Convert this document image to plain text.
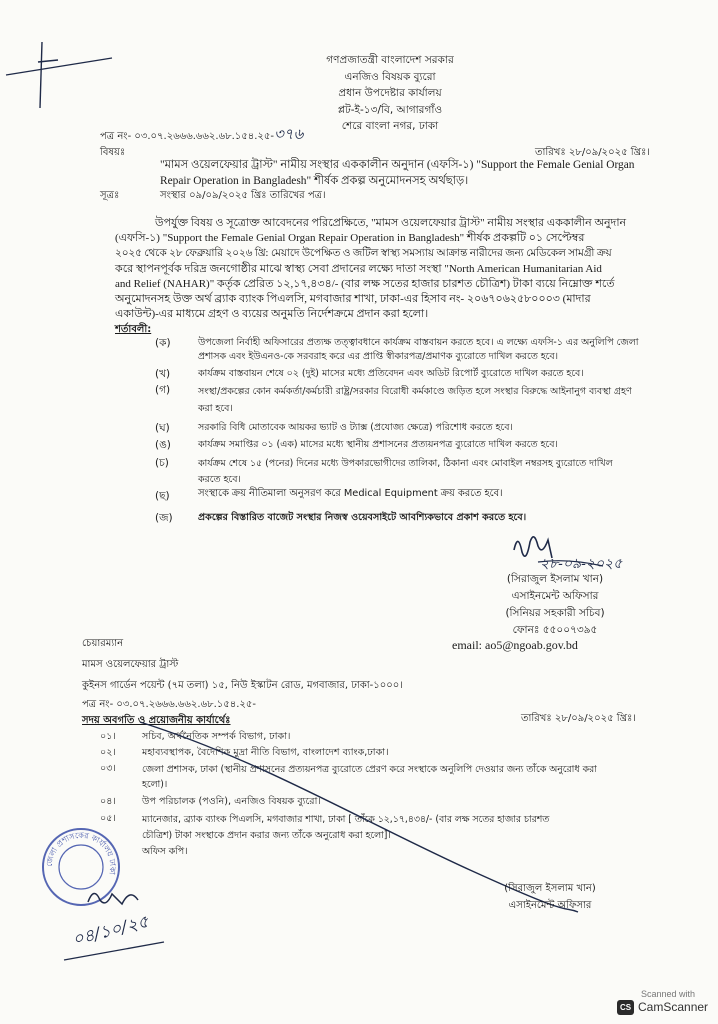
গণপ্রজাতন্ত্রী বাংলাদেশ সরকার
এনজিও বিষয়ক ব্যুরো
প্রধান উপদেষ্টার কার্যালয়
প্লট-ই-১৩/বি, আগারগাঁও
শেরে বাংলা নগর, ঢাকা
পত্র নং- ০৩.০৭.২৬৬৬.৬৬২.৬৮.১৫৪.২৫-৩৭৬
তারিখঃ ২৮/০৯/২০২৫ খ্রিঃ।
বিষয়ঃ
"মামস ওয়েলফেয়ার ট্রাস্ট" নামীয় সংস্থার এককালীন অনুদান (এফসি-১) "Support the Female Genial Organ
Repair Operation in Bangladesh" শীর্ষক প্রকল্প অনুমোদনসহ অর্থছাড়।
সূত্রঃ	সংস্থার ০৯/০৯/২০২৫ খ্রিঃ তারিখের পত্র।
উপর্যুক্ত বিষয় ও সূত্রোক্ত আবেদনের পরিপ্রেক্ষিতে, "মামস ওয়েলফেয়ার ট্রাস্ট" নামীয় সংস্থার এককালীন অনুদান
(এফসি-১) "Support the Female Genial Organ Repair Operation in Bangladesh" শীর্ষক প্রকল্পটি ০১ সেপ্টেম্বর
২০২৫ থেকে ২৮ ফেব্রুয়ারি ২০২৬ খ্রি: মেয়াদে উপেক্ষিত ও জটিল স্বাস্থ্য সমস্যায় আক্রান্ত নারীদের জন্য মেডিকেল সামগ্রী ক্রয়
করে স্থাপনপূর্বক দরিদ্র জনগোষ্ঠীর মাঝে স্বাস্থ্য সেবা প্রদানের লক্ষ্যে দাতা সংস্থা "North American Humanitarian Aid
and Relief (NAHAR)" কর্তৃক প্রেরিত ১২,১৭,৪৩৪/- (বার লক্ষ সতের হাজার চারশত চৌত্রিশ) টাকা ব্যয়ে নিম্নোক্ত শর্তে
অনুমোদনসহ উক্ত অর্থ ব্র্যাক ব্যাংক পিএলসি, মগবাজার শাখা, ঢাকা-এর হিসাব নং- ২০৬৭০৬২৫৮০০০৩ (মাদার
একাউন্ট)-এর মাধ্যমে গ্রহণ ও ব্যয়ের অনুমতি নির্দেশক্রমে প্রদান করা হলো।
শর্তাবলী:
(ক)	উপজেলা নির্বাহী অফিসারের প্রত্যক্ষ তত্ত্বাবধানে কার্যক্রম বাস্তবায়ন করতে হবে। এ লক্ষ্যে এফসি-১ এর অনুলিপি জেলা
প্রশাসক এবং ইউএনও-কে সরবরাহ করে এর প্রাপ্তি স্বীকারপত্র/প্রমাণক ব্যুরোতে দাখিল করতে হবে।
(খ)	কার্যক্রম বাস্তবায়ন শেষে ০২ (দুই) মাসের মধ্যে প্রতিবেদন এবং অডিট রিপোর্ট ব্যুরোতে দাখিল করতে হবে।
(গ)	সংস্থা/প্রকল্পের কোন কর্মকর্তা/কর্মচারী রাষ্ট্র/সরকার বিরোধী কর্মকাণ্ডে জড়িত হলে সংস্থার বিরুদ্ধে আইনানুগ ব্যবস্থা গ্রহণ
করা হবে।
(ঘ)	সরকারি বিধি মোতাবেক আয়কর ভ্যাট ও ট্যাক্স (প্রযোজ্য ক্ষেত্রে) পরিশোধ করতে হবে।
(ঙ)	কার্যক্রম সমাপ্তির ০১ (এক) মাসের মধ্যে স্থানীয় প্রশাসনের প্রত্যয়নপত্র ব্যুরোতে দাখিল করতে হবে।
(চ)	কার্যক্রম শেষে ১৫ (পনের) দিনের মধ্যে উপকারভোগীদের তালিকা, ঠিকানা এবং মোবাইল নম্বরসহ ব্যুরোতে দাখিল
করতে হবে।
(ছ)	সংস্থাকে ক্রয় নীতিমালা অনুসরণ করে Medical Equipment ক্রয় করতে হবে।
(জ)	প্রকল্পের বিস্তারিত বাজেট সংস্থার নিজস্ব ওয়েবসাইটে আবশ্যিকভাবে প্রকাশ করতে হবে।
২৮-০৯-২০২৫
(সিরাজুল ইসলাম খান)
এসাইনমেন্ট অফিসার
(সিনিয়র সহকারী সচিব)
ফোনঃ ৫৫০০৭৩৯৫
email: ao5@ngoab.gov.bd
চেয়ারম্যান
মামস ওয়েলফেয়ার ট্রাস্ট
কুইনস গার্ডেন পয়েন্ট (৭ম তলা) ১৫, নিউ ইস্কাটন রোড, মগবাজার, ঢাকা-১০০০।
পত্র নং- ০৩.০৭.২৬৬৬.৬৬২.৬৮.১৫৪.২৫-
তারিখঃ ২৮/০৯/২০২৫ খ্রিঃ।
সদয় অবগতি ও প্রয়োজনীয় কার্যার্থেঃ
০১।	সচিব, অর্থনৈতিক সম্পর্ক বিভাগ, ঢাকা।
০২।	মহাব্যবস্থাপক, বৈদেশিক মুদ্রা নীতি বিভাগ, বাংলাদেশ ব্যাংক,ঢাকা।
০৩।	জেলা প্রশাসক, ঢাকা (স্থানীয় প্রশাসনের প্রত্যয়নপত্র ব্যুরোতে প্রেরণ করে সংস্থাকে অনুলিপি দেওয়ার জন্য তাঁকে অনুরোধ করা
হলো)।
০৪।	উপ পরিচালক (পওনি), এনজিও বিষয়ক ব্যুরো।
০৫।	ম্যানেজার, ব্র্যাক ব্যাংক পিএলসি, মগবাজার শাখা, ঢাকা [ তাঁকে ১২,১৭,৪৩৪/- (বার লক্ষ সতের হাজার চারশত
চৌত্রিশ) টাকা সংস্থাকে প্রদান করার জন্য তাঁকে অনুরোধ করা হলো]।
অফিস কপি।
(সিরাজুল ইসলাম খান)
এসাইনমেন্ট অফিসার
জেলা প্রশাসকের কার্যালয় ঢাকা
০৪/১০/২৫
Scanned with
CS CamScanner
